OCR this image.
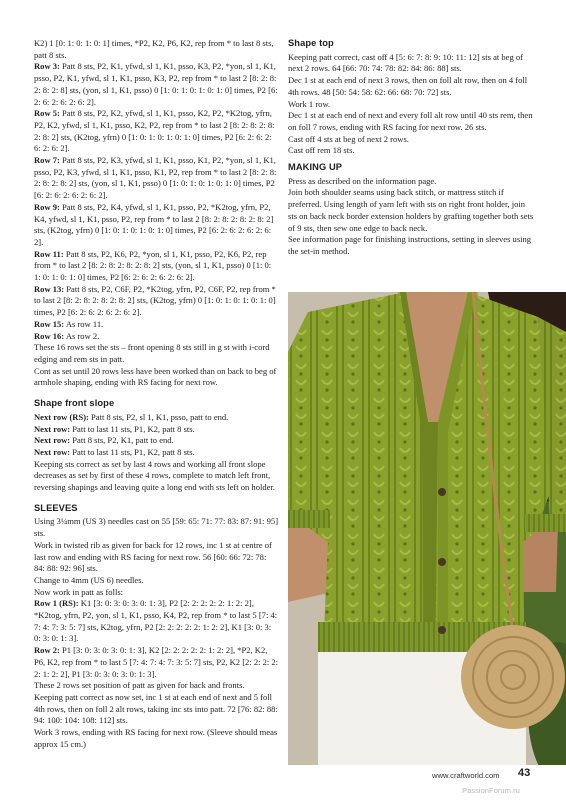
K2) 1 [0: 1: 0: 1: 0: 1] times, *P2, K2, P6, K2, rep from * to last 8 sts, patt 8 sts.

Row 3: Patt 8 sts, P2, K1, yfwd, sl 1, K1, psso, K3, P2, *yon, sl 1, K1, psso, P2, K1, yfwd, sl 1, K1, psso, K3, P2, rep from * to last 2 [8: 2: 8: 2: 8: 2: 8] sts, (yon, sl 1, K1, psso) 0 [1: 0: 1: 0: 1: 0: 1: 0] times, P2 [6: 2: 6: 2: 6: 2: 6: 2].

Row 5: Patt 8 sts, P2, K2, yfwd, sl 1, K1, psso, K2, P2, *K2tog, yfrn, P2, K2, yfwd, sl 1, K1, psso, K2, P2, rep from * to last 2 [8: 2: 8: 2: 8: 2: 8: 2] sts, (K2tog, yfrn) 0 [1: 0: 1: 0: 1: 0: 1: 0] times, P2 [6: 2: 6: 2: 6: 2: 6: 2].

Row 7: Patt 8 sts, P2, K3, yfwd, sl 1, K1, psso, K1, P2, *yon, sl 1, K1, psso, P2, K3, yfwd, sl 1, K1, psso, K1, P2, rep from * to last 2 [8: 2: 8: 2: 8: 2: 8: 2] sts, (yon, sl 1, K1, psso) 0 [1: 0: 1: 0: 1: 0: 1: 0] times, P2 [6: 2: 6: 2: 6: 2: 6: 2].

Row 9: Patt 8 sts, P2, K4, yfwd, sl 1, K1, psso, P2, *K2tog, yfrn, P2, K4, yfwd, sl 1, K1, psso, P2, rep from * to last 2 [8: 2: 8: 2: 8: 2: 8: 2] sts, (K2tog, yfrn) 0 [1: 0: 1: 0: 1: 0: 1: 0] times, P2 [6: 2: 6: 2: 6: 2: 6: 2].

Row 11: Patt 8 sts, P2, K6, P2, *yon, sl 1, K1, psso, P2, K6, P2, rep from * to last 2 [8: 2: 8: 2: 8: 2: 8: 2] sts, (yon, sl 1, K1, psso) 0 [1: 0: 1: 0: 1: 0: 1: 0] times, P2 [6: 2: 6: 2: 6: 2: 6: 2].

Row 13: Patt 8 sts, P2, C6F, P2, *K2tog, yfrn, P2, C6F, P2, rep from * to last 2 [8: 2: 8: 2: 8: 2: 8: 2] sts, (K2tog, yfrn) 0 [1: 0: 1: 0: 1: 0: 1: 0] times, P2 [6: 2: 6: 2: 6: 2: 6: 2].

Row 15: As row 11.

Row 16: As row 2.

These 16 rows set the sts – front opening 8 sts still in g st with i-cord edging and rem sts in patt.

Cont as set until 20 rows less have been worked than on back to beg of armhole shaping, ending with RS facing for next row.

Shape front slope

Next row (RS): Patt 8 sts, P2, sl 1, K1, psso, patt to end.

Next row: Patt to last 11 sts, P1, K2, patt 8 sts.

Next row: Patt 8 sts, P2, K1, patt to end.

Next row: Patt to last 11 sts, P1, K2, patt 8 sts.

Keeping sts correct as set by last 4 rows and working all front slope decreases as set by first of these 4 rows, complete to match left front, reversing shapings and leaving quite a long end with sts left on holder.

SLEEVES

Using 3¼mm (US 3) needles cast on 55 [59: 65: 71: 77: 83: 87: 91: 95] sts.

Work in twisted rib as given for back for 12 rows, inc 1 st at centre of last row and ending with RS facing for next row. 56 [60: 66: 72: 78: 84: 88: 92: 96] sts.

Change to 4mm (US 6) needles.

Now work in patt as folls:

Row 1 (RS): K1 [3: 0: 3: 0: 3: 0: 1: 3], P2 [2: 2: 2: 2: 2: 1: 2: 2], *K2tog, yfrn, P2, yon, sl 1, K1, psso, K4, P2, rep from * to last 5 [7: 4: 7: 4: 7: 3: 5: 7] sts, K2tog, yfrn, P2 [2: 2: 2: 2: 2: 1: 2: 2], K1 [3: 0: 3: 0: 3: 0: 1: 3].

Row 2: P1 [3: 0: 3: 0: 3: 0: 1: 3], K2 [2: 2: 2: 2: 2: 1: 2: 2], *P2, K2, P6, K2, rep from * to last 5 [7: 4: 7: 4: 7: 3: 5: 7] sts, P2, K2 [2: 2: 2: 2: 2: 1: 2: 2], P1 [3: 0: 3: 0: 3: 0: 1: 3].

These 2 rows set position of patt as given for back and fronts.

Keeping patt correct as now set, inc 1 st at each end of next and 5 foll 4th rows, then on foll 2 alt rows, taking inc sts into patt. 72 [76: 82: 88: 94: 100: 104: 108: 112] sts.

Work 3 rows, ending with RS facing for next row. (Sleeve should meas approx 15 cm.)

Shape top

Keeping patt correct, cast off 4 [5: 6: 7: 8: 9: 10: 11: 12] sts at beg of next 2 rows. 64 [66: 70: 74: 78: 82: 84: 86: 88] sts.

Dec 1 st at each end of next 3 rows, then on foll alt row, then on 4 foll 4th rows. 48 [50: 54: 58: 62: 66: 68: 70: 72] sts.

Work 1 row.

Dec 1 st at each end of next and every foll alt row until 40 sts rem, then on foll 7 rows, ending with RS facing for next row. 26 sts.

Cast off 4 sts at beg of next 2 rows.

Cast off rem 18 sts.

MAKING UP

Press as described on the information page.

Join both shoulder seams using back stitch, or mattress stitch if preferred. Using length of yarn left with sts on right front holder, join sts on back neck border extension holders by grafting together both sets of 9 sts, then sew one edge to back neck.

See information page for finishing instructions, setting in sleeves using the set-in method.

www.craftworld.com 43
PassionForum.ru
